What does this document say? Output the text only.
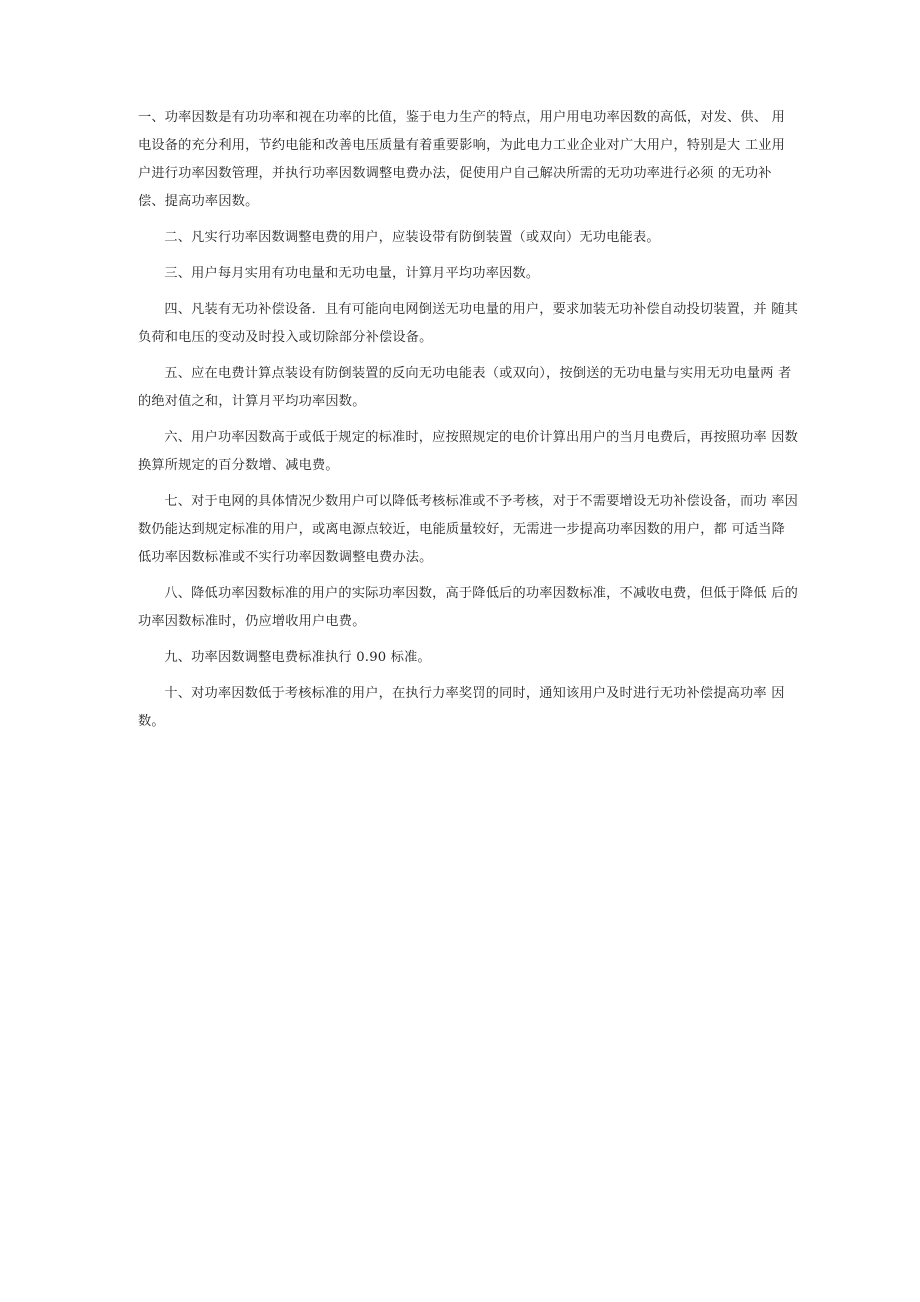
一、功率因数是有功功率和视在功率的比值，鉴于电力生产的特点，用户用电功率因数的高低，对发、供、 用电设备的充分利用，节约电能和改善电压质量有着重要影响，为此电力工业企业对广大用户，特别是大 工业用户进行功率因数管理，并执行功率因数调整电费办法，促使用户自己解决所需的无功功率进行必须 的无功补偿、提高功率因数。

二、凡实行功率因数调整电费的用户，应装设带有防倒装置（或双向）无功电能表。

三、用户每月实用有功电量和无功电量，计算月平均功率因数。

四、凡装有无功补偿设备．且有可能向电网倒送无功电量的用户，要求加装无功补偿自动投切装置，并 随其负荷和电压的变动及时投入或切除部分补偿设备。

五、应在电费计算点装设有防倒装置的反向无功电能表（或双向），按倒送的无功电量与实用无功电量两 者的绝对值之和，计算月平均功率因数。

六、用户功率因数高于或低于规定的标准时，应按照规定的电价计算出用户的当月电费后，再按照功率 因数换算所规定的百分数增、减电费。

七、对于电网的具体情况少数用户可以降低考核标准或不予考核，对于不需要增设无功补偿设备，而功 率因数仍能达到规定标准的用户，或离电源点较近，电能质量较好，无需进一步提高功率因数的用户，都 可适当降低功率因数标准或不实行功率因数调整电费办法。

八、降低功率因数标准的用户的实际功率因数，高于降低后的功率因数标准，不减收电费，但低于降低 后的功率因数标准时，仍应增收用户电费。

九、功率因数调整电费标准执行 0.90 标准。

十、对功率因数低于考核标准的用户，在执行力率奖罚的同时，通知该用户及时进行无功补偿提高功率 因数。
